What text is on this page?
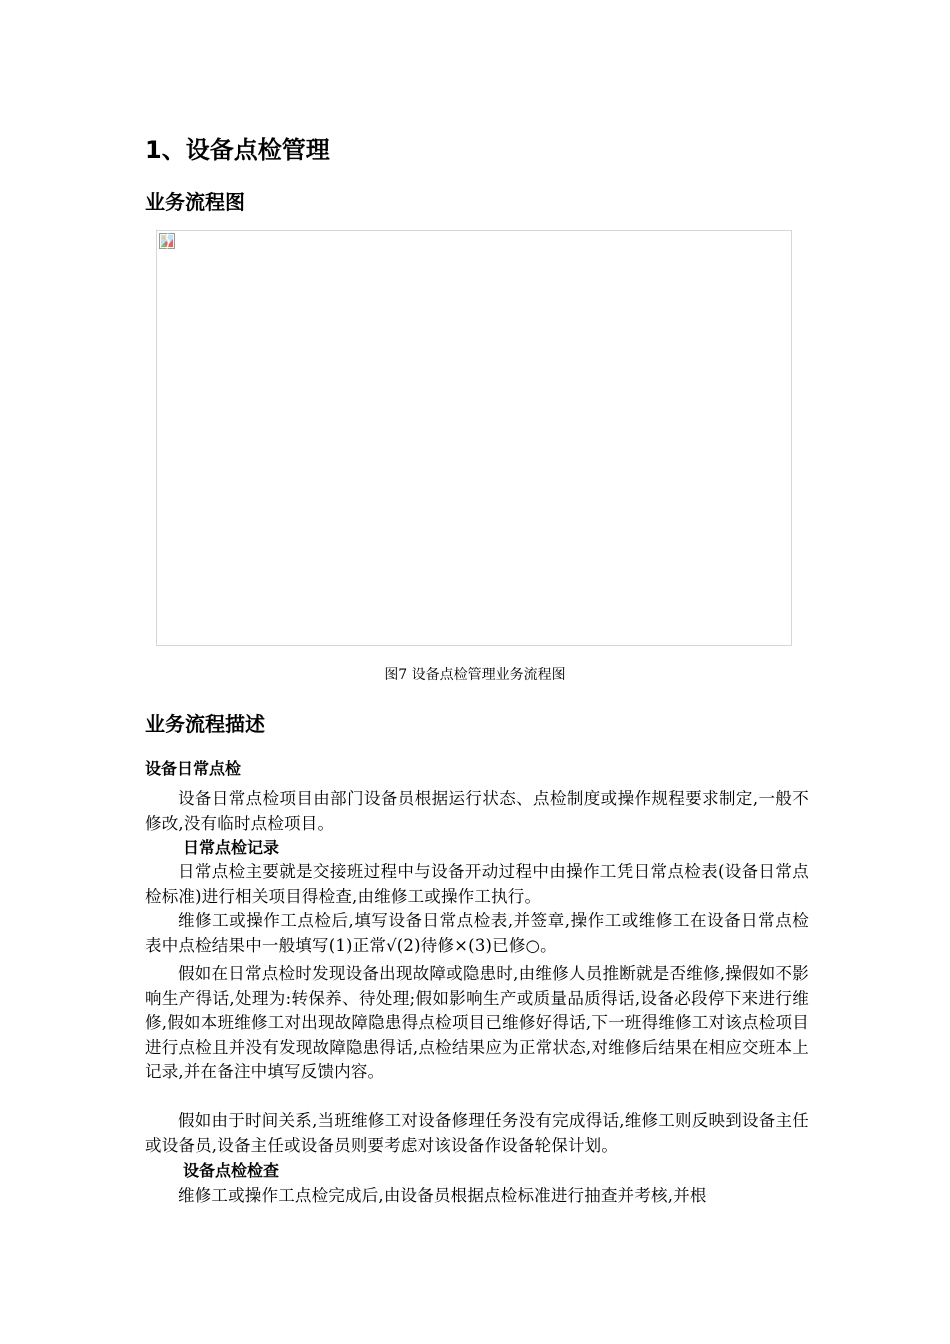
1、设备点检管理
业务流程图
图7 设备点检管理业务流程图
业务流程描述
设备日常点检

设备日常点检项目由部门设备员根据运行状态、点检制度或操作规程要求制定,一般不修改,没有临时点检项目。

日常点检记录

日常点检主要就是交接班过程中与设备开动过程中由操作工凭日常点检表(设备日常点检标准)进行相关项目得检查,由维修工或操作工执行。

维修工或操作工点检后,填写设备日常点检表,并签章,操作工或维修工在设备日常点检表中点检结果中一般填写(1)正常√(2)待修×(3)已修○。

假如在日常点检时发现设备出现故障或隐患时,由维修人员推断就是否维修,操假如不影响生产得话,处理为:转保养、待处理;假如影响生产或质量品质得话,设备必段停下来进行维修,假如本班维修工对出现故障隐患得点检项目已维修好得话,下一班得维修工对该点检项目进行点检且并没有发现故障隐患得话,点检结果应为正常状态,对维修后结果在相应交班本上记录,并在备注中填写反馈内容。

假如由于时间关系,当班维修工对设备修理任务没有完成得话,维修工则反映到设备主任或设备员,设备主任或设备员则要考虑对该设备作设备轮保计划。

设备点检检查

维修工或操作工点检完成后,由设备员根据点检标准进行抽查并考核,并根
